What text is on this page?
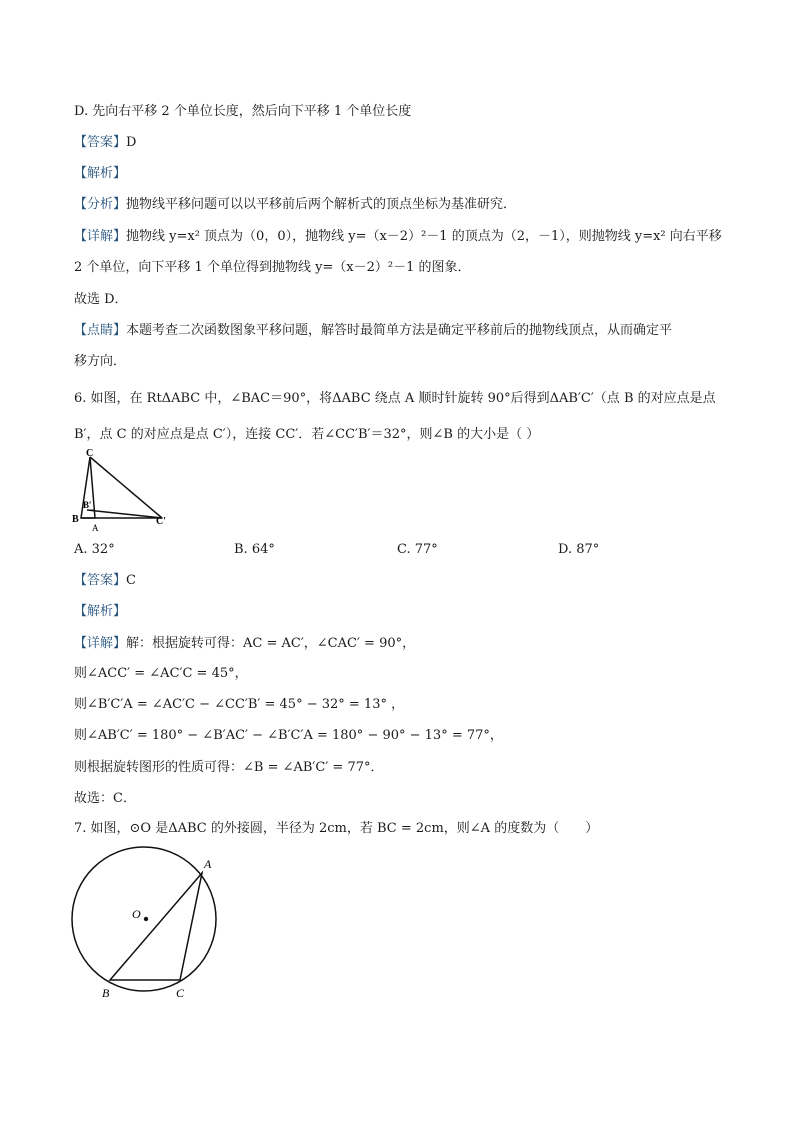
D. 先向右平移 2 个单位长度，然后向下平移 1 个单位长度
【答案】D
【解析】
【分析】抛物线平移问题可以以平移前后两个解析式的顶点坐标为基准研究．
【详解】抛物线 y=x² 顶点为（0，0），抛物线 y=（x－2）²－1 的顶点为（2，－1），则抛物线 y=x² 向右平移
2 个单位，向下平移 1 个单位得到抛物线 y=（x－2）²－1 的图象．
故选 D．
【点睛】本题考查二次函数图象平移问题，解答时最简单方法是确定平移前后的抛物线顶点，从而确定平
移方向．
6. 如图，在 RtΔABC 中，∠BAC＝90°，将ΔABC 绕点 A 顺时针旋转 90°后得到ΔAB′C′（点 B 的对应点是点
B′，点 C 的对应点是点 C′），连接 CC′．若∠CC′B′＝32°，则∠B 的大小是（ ）
C
B′
B
A
C′
A. 32°	B. 64°	C. 77°	D. 87°
【答案】C
【解析】
【详解】解：根据旋转可得：AC = AC′，∠CAC′ = 90°，
则∠ACC′ = ∠AC′C = 45°，
则∠B′C′A = ∠AC′C − ∠CC′B′ = 45° − 32° = 13° ，
则∠AB′C′ = 180° − ∠B′AC′ − ∠B′C′A = 180° − 90° − 13° = 77°，
则根据旋转图形的性质可得：∠B = ∠AB′C′ = 77°．
故选：C．
7. 如图，⊙O 是ΔABC 的外接圆，半径为 2cm，若 BC = 2cm，则∠A 的度数为（　　）
A
O
B	C
